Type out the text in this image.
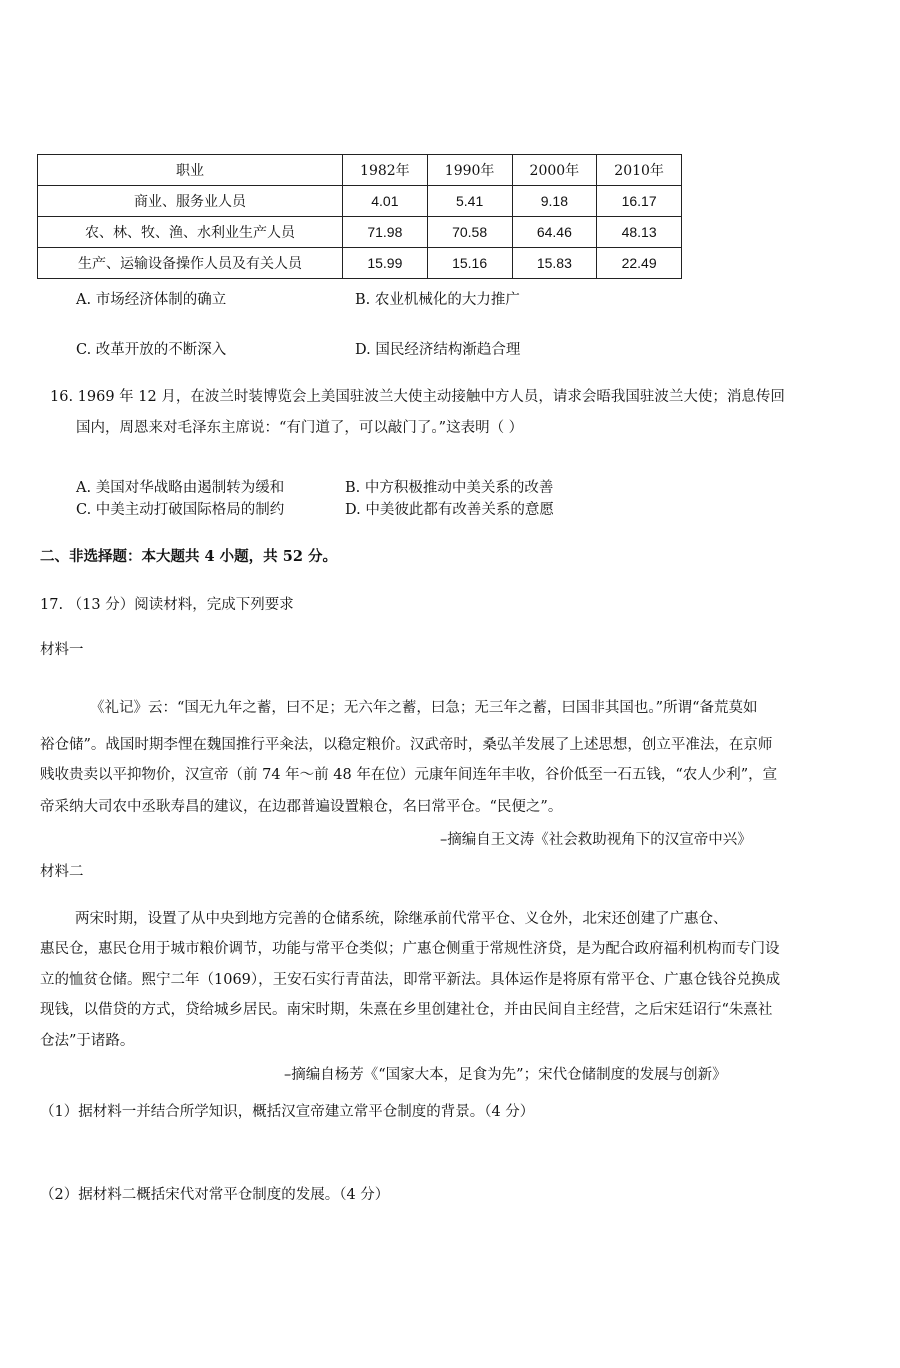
职业	1982年	1990年	2000年	2010年
商业、服务业人员	4.01	5.41	9.18	16.17
农、林、牧、渔、水利业生产人员	71.98	70.58	64.46	48.13
生产、运输设备操作人员及有关人员	15.99	15.16	15.83	22.49
A. 市场经济体制的确立	B. 农业机械化的大力推广
C. 改革开放的不断深入	D. 国民经济结构渐趋合理
16. 1969 年 12 月，在波兰时装博览会上美国驻波兰大使主动接触中方人员，请求会晤我国驻波兰大使；消息传回
国内，周恩来对毛泽东主席说：“有门道了，可以敲门了。”这表明（ ）
A. 美国对华战略由遏制转为缓和	B. 中方积极推动中美关系的改善
C. 中美主动打破国际格局的制约	D. 中美彼此都有改善关系的意愿
二、非选择题：本大题共 4 小题，共 52 分。
17. （13 分）阅读材料，完成下列要求
材料一
《礼记》云：“国无九年之蓄，曰不足；无六年之蓄，曰急；无三年之蓄，曰国非其国也。”所谓“备荒莫如
裕仓储”。战国时期李悝在魏国推行平籴法，以稳定粮价。汉武帝时，桑弘羊发展了上述思想，创立平准法，在京师
贱收贵卖以平抑物价，汉宣帝（前 74 年～前 48 年在位）元康年间连年丰收，谷价低至一石五钱，“农人少利”，宣
帝采纳大司农中丞耿寿昌的建议，在边郡普遍设置粮仓，名曰常平仓。“民便之”。
–摘编自王文涛《社会救助视角下的汉宣帝中兴》
材料二
两宋时期，设置了从中央到地方完善的仓储系统，除继承前代常平仓、义仓外，北宋还创建了广惠仓、
惠民仓，惠民仓用于城市粮价调节，功能与常平仓类似；广惠仓侧重于常规性济贷，是为配合政府福利机构而专门设
立的恤贫仓储。熙宁二年（1069），王安石实行青苗法，即常平新法。具体运作是将原有常平仓、广惠仓钱谷兑换成
现钱，以借贷的方式，贷给城乡居民。南宋时期，朱熹在乡里创建社仓，并由民间自主经营，之后宋廷诏行“朱熹社
仓法”于诸路。
–摘编自杨芳《“国家大本，足食为先”；宋代仓储制度的发展与创新》
（1）据材料一并结合所学知识，概括汉宣帝建立常平仓制度的背景。（4 分）
（2）据材料二概括宋代对常平仓制度的发展。（4 分）
